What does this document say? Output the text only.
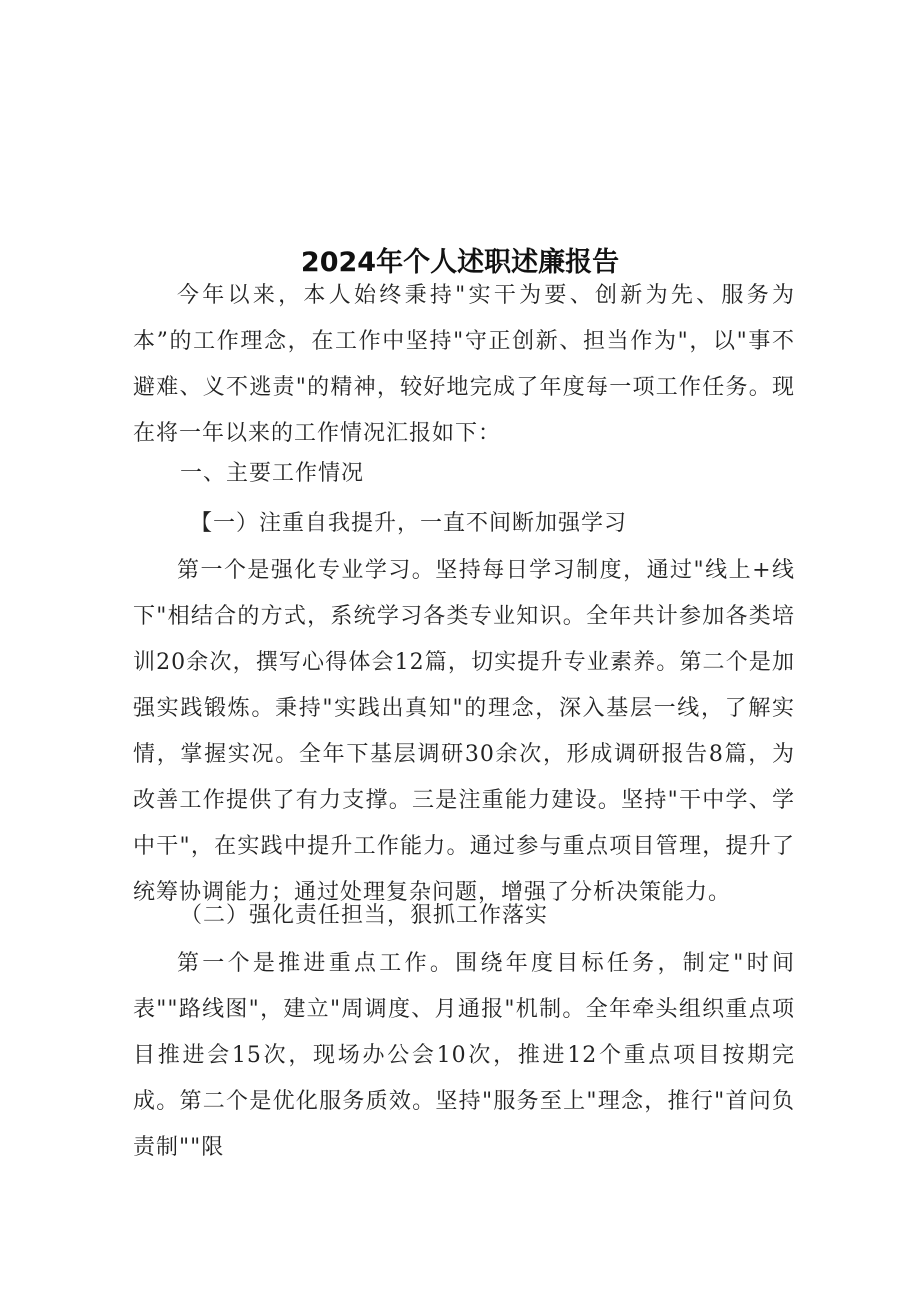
2024年个人述职述廉报告

今年以来，本人始终秉持"实干为要、创新为先、服务为本”的工作理念，在工作中坚持"守正创新、担当作为"，以"事不避难、义不逃责"的精神，较好地完成了年度每一项工作任务。现在将一年以来的工作情况汇报如下：

一、主要工作情况

【一）注重自我提升，一直不间断加强学习

第一个是强化专业学习。坚持每日学习制度，通过"线上+线下"相结合的方式，系统学习各类专业知识。全年共计参加各类培训20余次，撰写心得体会12篇，切实提升专业素养。第二个是加强实践锻炼。秉持"实践出真知"的理念，深入基层一线，了解实情，掌握实况。全年下基层调研30余次，形成调研报告8篇，为改善工作提供了有力支撑。三是注重能力建设。坚持"干中学、学中干"，在实践中提升工作能力。通过参与重点项目管理，提升了统筹协调能力；通过处理复杂问题，增强了分析决策能力。

（二）强化责任担当，狠抓工作落实

第一个是推进重点工作。围绕年度目标任务，制定"时间表""路线图"，建立"周调度、月通报"机制。全年牵头组织重点项目推进会15次，现场办公会10次，推进12个重点项目按期完成。第二个是优化服务质效。坚持"服务至上"理念，推行"首问负责制""限
